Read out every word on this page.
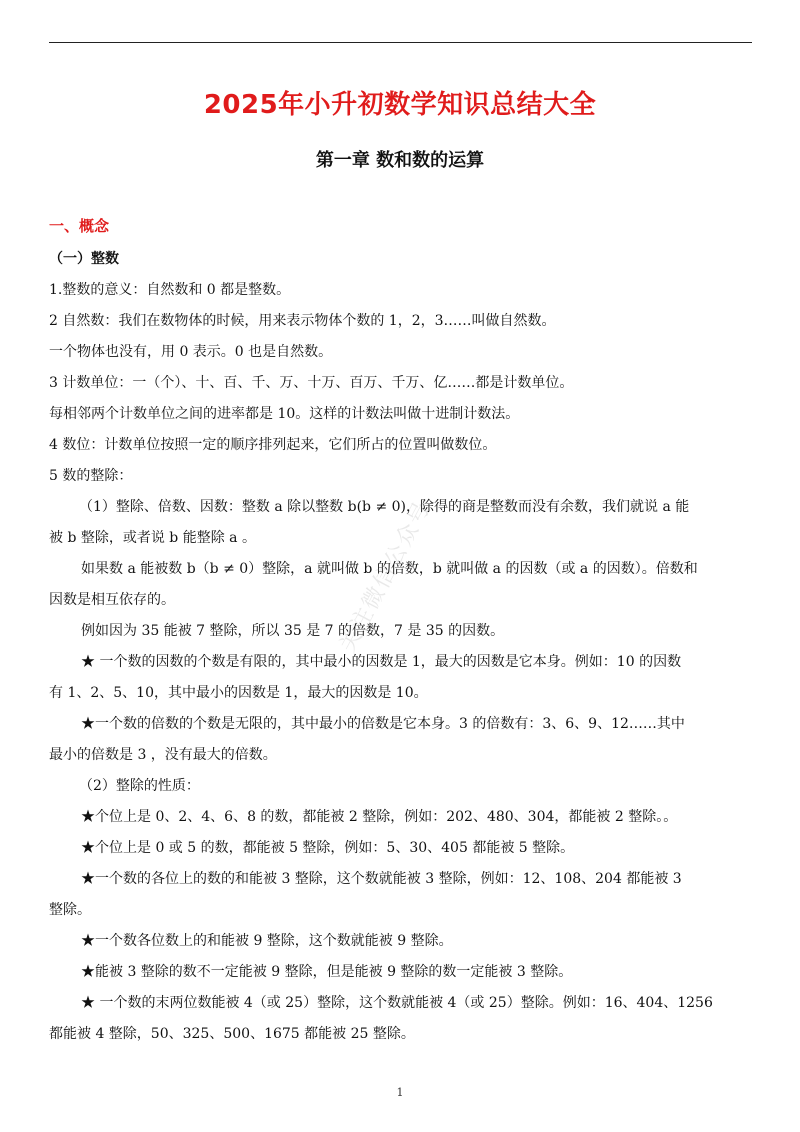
2025年小升初数学知识总结大全
第一章 数和数的运算
一、概念

（一）整数

1.整数的意义：自然数和 0 都是整数。

2 自然数：我们在数物体的时候，用来表示物体个数的 1，2，3……叫做自然数。

一个物体也没有，用 0 表示。0 也是自然数。

3 计数单位：一（个）、十、百、千、万、十万、百万、千万、亿……都是计数单位。

每相邻两个计数单位之间的进率都是 10。这样的计数法叫做十进制计数法。

4 数位：计数单位按照一定的顺序排列起来，它们所占的位置叫做数位。

5 数的整除：

（1）整除、倍数、因数：整数 a 除以整数 b(b ≠ 0)，除得的商是整数而没有余数，我们就说 a 能

被 b 整除，或者说 b 能整除 a 。

如果数 a 能被数 b（b ≠ 0）整除，a 就叫做 b 的倍数，b 就叫做 a 的因数（或 a 的因数）。倍数和

因数是相互依存的。

例如因为 35 能被 7 整除，所以 35 是 7 的倍数，7 是 35 的因数。

★ 一个数的因数的个数是有限的，其中最小的因数是 1，最大的因数是它本身。例如：10 的因数

有 1、2、5、10，其中最小的因数是 1，最大的因数是 10。

★一个数的倍数的个数是无限的，其中最小的倍数是它本身。3 的倍数有：3、6、9、12……其中

最小的倍数是 3 ，没有最大的倍数。

（2）整除的性质：

★个位上是 0、2、4、6、8 的数，都能被 2 整除，例如：202、480、304，都能被 2 整除。。

★个位上是 0 或 5 的数，都能被 5 整除，例如：5、30、405 都能被 5 整除。

★一个数的各位上的数的和能被 3 整除，这个数就能被 3 整除，例如：12、108、204 都能被 3

整除。

★一个数各位数上的和能被 9 整除，这个数就能被 9 整除。

★能被 3 整除的数不一定能被 9 整除，但是能被 9 整除的数一定能被 3 整除。

★ 一个数的末两位数能被 4（或 25）整除，这个数就能被 4（或 25）整除。例如：16、404、1256

都能被 4 整除，50、325、500、1675 都能被 25 整除。

关注微信公众号
1
